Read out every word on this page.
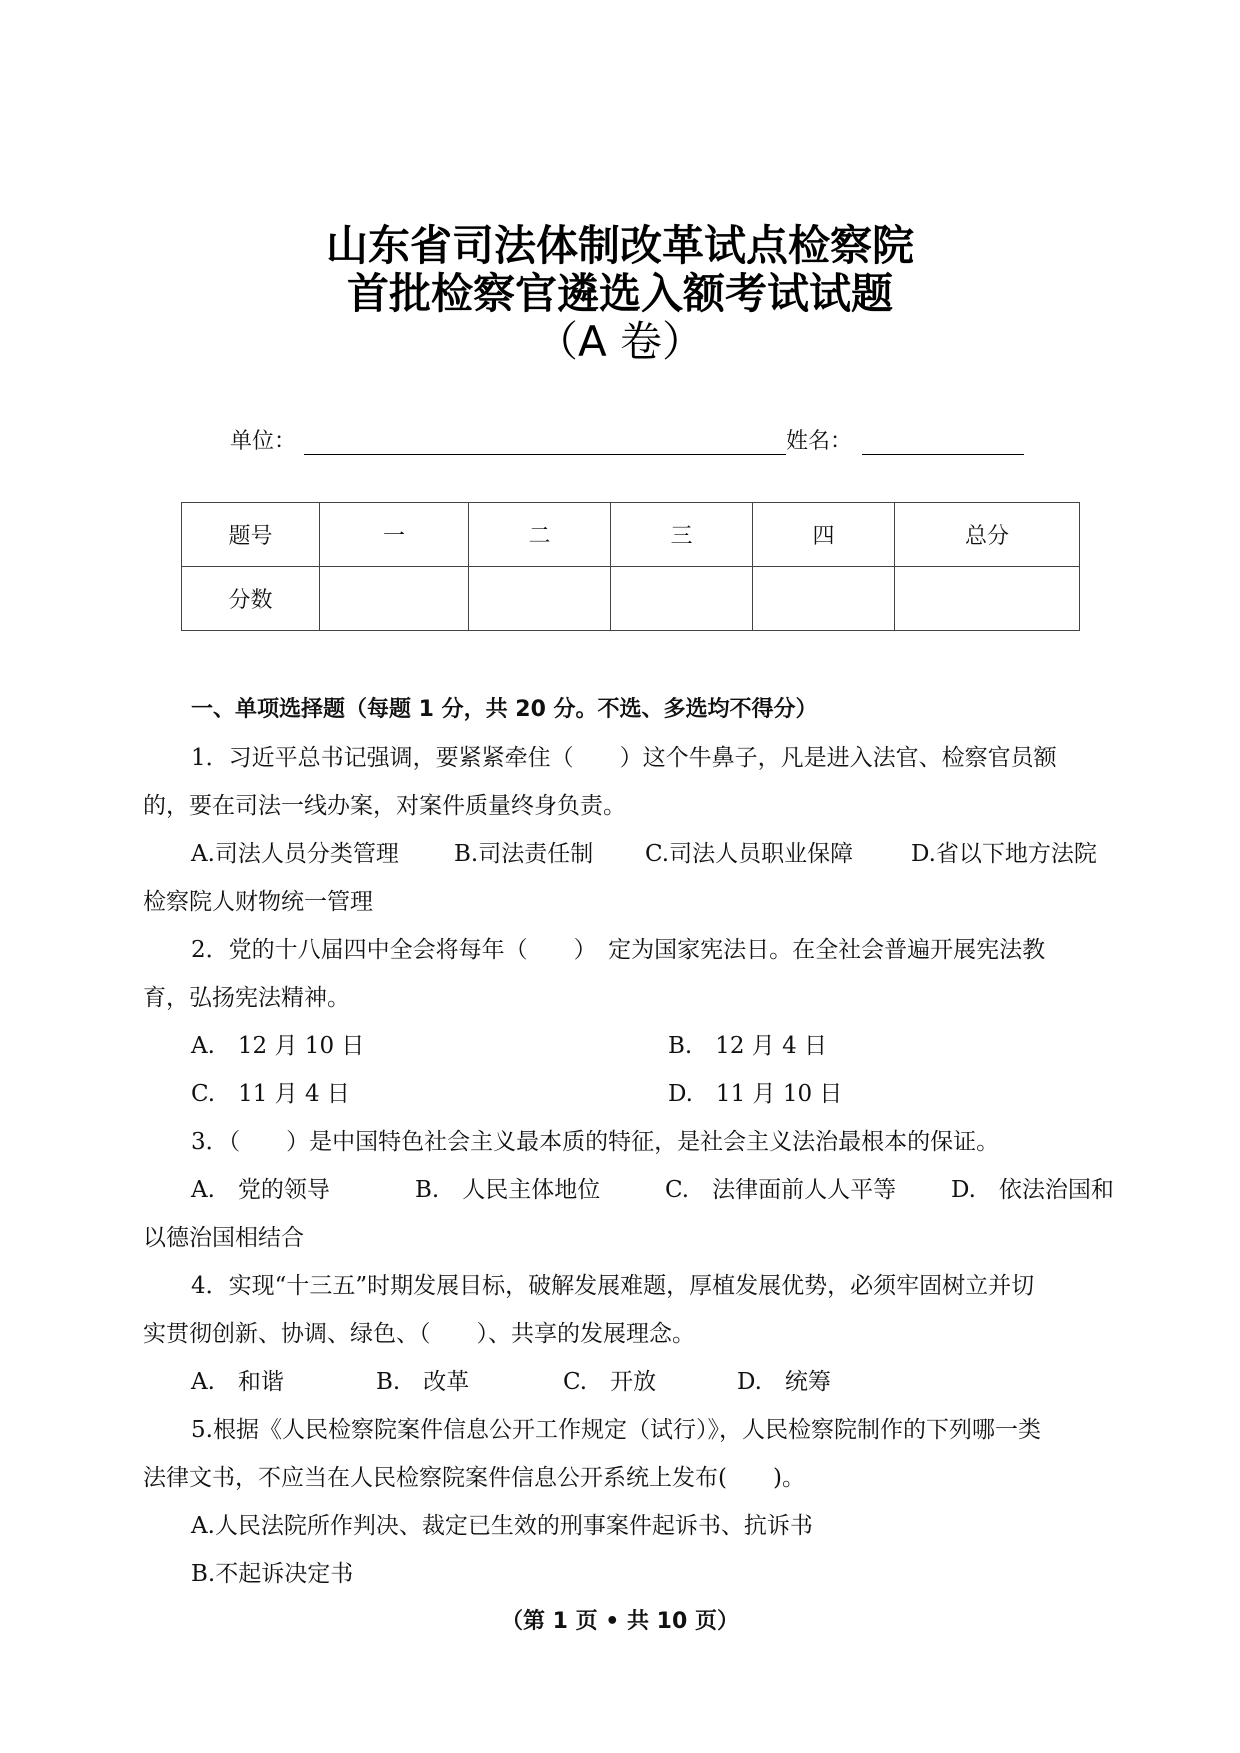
山东省司法体制改革试点检察院
首批检察官遴选入额考试试题
（A 卷）
单位：	姓名：
题号	一	二	三	四	总分
分数					
一、单项选择题（每题 1 分，共 20 分。不选、多选均不得分）
1．习近平总书记强调，要紧紧牵住（　　）这个牛鼻子，凡是进入法官、检察官员额
的，要在司法一线办案，对案件质量终身负责。
A.司法人员分类管理 B.司法责任制 C.司法人员职业保障	D.省以下地方法院
检察院人财物统一管理
2．党的十八届四中全会将每年（　　）　定为国家宪法日。在全社会普遍开展宪法教
育，弘扬宪法精神。
A.　12 月 10 日	B.　12 月 4 日
C.　11 月 4 日	D.　11 月 10 日
3．（　　）是中国特色社会主义最本质的特征，是社会主义法治最根本的保证。
A.　党的领导	B.　人民主体地位	C.　法律面前人人平等 D.　依法治国和
以德治国相结合
4．实现“十三五”时期发展目标，破解发展难题，厚植发展优势，必须牢固树立并切
实贯彻创新、协调、绿色、（　　）、共享的发展理念。
A.　和谐	B.　改革	C.　开放	D.　统筹
5.根据《人民检察院案件信息公开工作规定（试行）》，人民检察院制作的下列哪一类
法律文书，不应当在人民检察院案件信息公开系统上发布(　　)。
A.人民法院所作判决、裁定已生效的刑事案件起诉书、抗诉书
B.不起诉决定书
（第 1 页 • 共 10 页）
